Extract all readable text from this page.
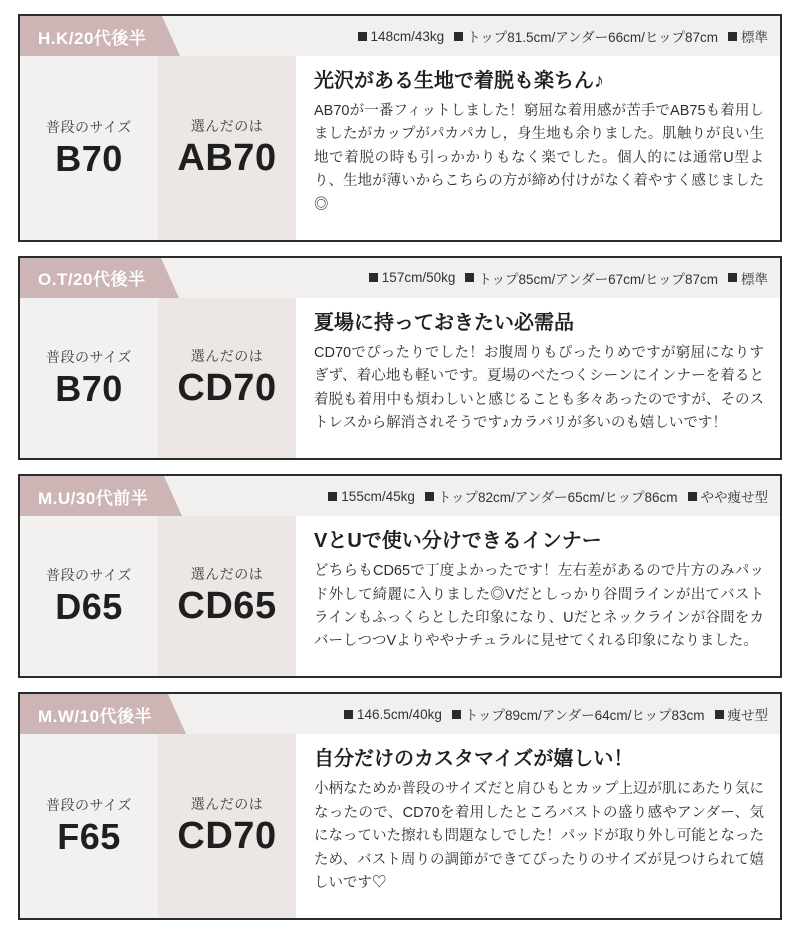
H.K/20代後半	148cm/43kg トップ81.5cm/アンダー66cm/ヒップ87cm 標準
普段のサイズ
B70
選んだのは
AB70
光沢がある生地で着脱も楽ちん♪
AB70が一番フィットしました！窮屈な着用感が苦手でAB75も着用しましたがカップがパカパカし，身生地も余りました。肌触りが良い生地で着脱の時も引っかかりもなく楽でした。個人的には通常U型より、生地が薄いからこちらの方が締め付けがなく着やすく感じました◎
O.T/20代後半	157cm/50kg トップ85cm/アンダー67cm/ヒップ87cm 標準
普段のサイズ
B70
選んだのは
CD70
夏場に持っておきたい必需品
CD70でぴったりでした！お腹周りもぴったりめですが窮屈になりすぎず、着心地も軽いです。夏場のべたつくシーンにインナーを着ると着脱も着用中も煩わしいと感じることも多々あったのですが、そのストレスから解消されそうです♪カラバリが多いのも嬉しいです！
M.U/30代前半	155cm/45kg トップ82cm/アンダー65cm/ヒップ86cm やや痩せ型
普段のサイズ
D65
選んだのは
CD65
VとUで使い分けできるインナー
どちらもCD65で丁度よかったです！左右差があるので片方のみパッド外して綺麗に入りました◎Vだとしっかり谷間ラインが出てバストラインもふっくらとした印象になり、Uだとネックラインが谷間をカバーしつつVよりややナチュラルに見せてくれる印象になりました。
M.W/10代後半	146.5cm/40kg トップ89cm/アンダー64cm/ヒップ83cm 痩せ型
普段のサイズ
F65
選んだのは
CD70
自分だけのカスタマイズが嬉しい！
小柄なためか普段のサイズだと肩ひもとカップ上辺が肌にあたり気になったので、CD70を着用したところバストの盛り感やアンダー、気になっていた擦れも問題なしでした！パッドが取り外し可能となったため、バスト周りの調節ができてぴったりのサイズが見つけられて嬉しいです♡
